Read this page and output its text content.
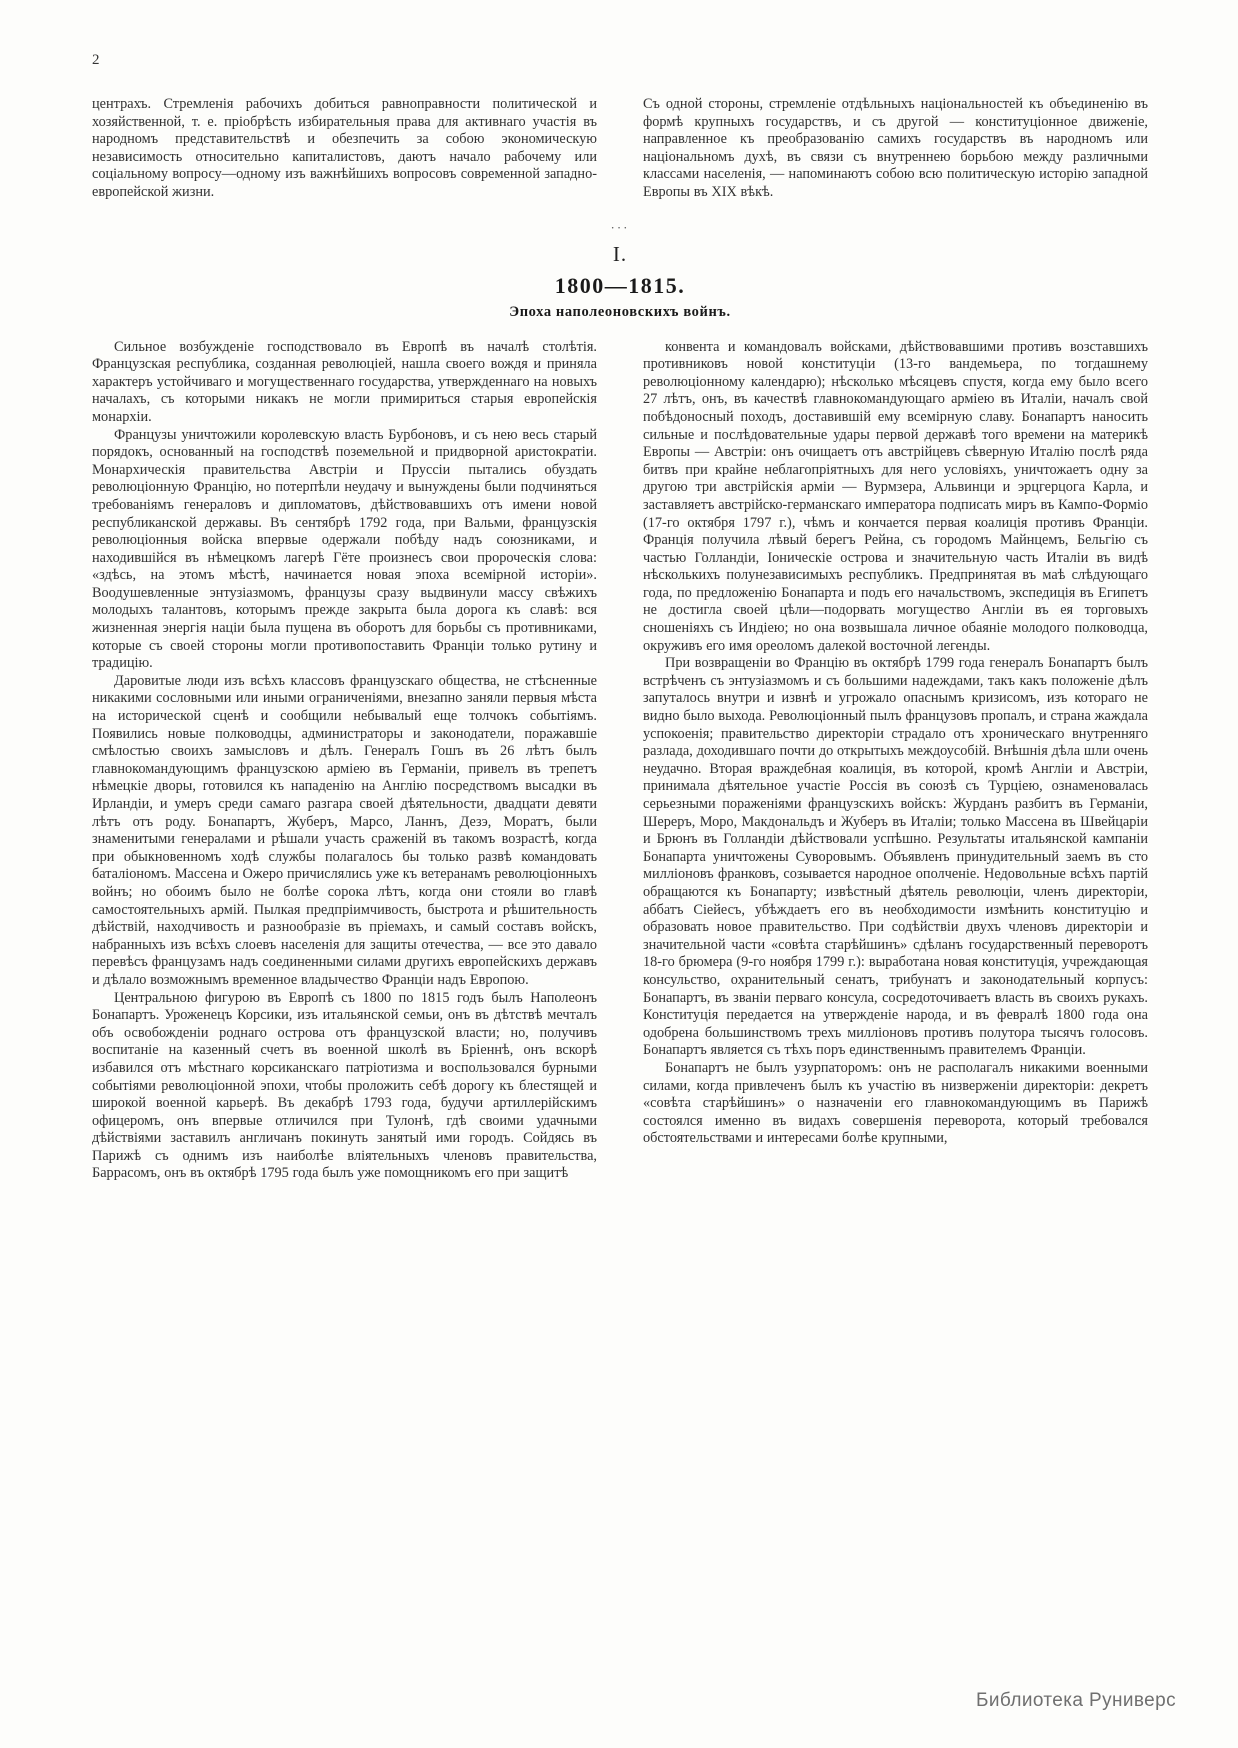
2

центрахъ. Стремленія рабочихъ добиться равноправности политической и хозяйственной, т. е. пріобрѣсть избирательныя права для активнаго участія въ народномъ представительствѣ и обезпечить за собою экономическую независимость относительно капиталистовъ, даютъ начало рабочему или соціальному вопросу—одному изъ важнѣйшихъ вопросовъ современной западно-европейской жизни.

Съ одной стороны, стремленіе отдѣльныхъ національностей къ объединенію въ формѣ крупныхъ государствъ, и съ другой — конституціонное движеніе, направленное къ преобразованію самихъ государствъ въ народномъ или національномъ духѣ, въ связи съ внутреннею борьбою между различными классами населенія, — напоминаютъ собою всю политическую исторію западной Европы въ XIX вѣкѣ.

···
I.
1800—1815.
Эпоха наполеоновскихъ войнъ.

Сильное возбужденіе господствовало въ Европѣ въ началѣ столѣтія. Французская республика, созданная революціей, нашла своего вождя и приняла характеръ устойчиваго и могущественнаго государства, утвержденнаго на новыхъ началахъ, съ которыми никакъ не могли примириться старыя европейскія монархіи.

Французы уничтожили королевскую власть Бурбоновъ, и съ нею весь старый порядокъ, основанный на господствѣ поземельной и придворной аристократіи. Монархическія правительства Австріи и Пруссіи пытались обуздать революціонную Францію, но потерпѣли неудачу и вынуждены были подчиняться требованіямъ генераловъ и дипломатовъ, дѣйствовавшихъ отъ имени новой республиканской державы. Въ сентябрѣ 1792 года, при Вальми, французскія революціонныя войска впервые одержали побѣду надъ союзниками, и находившійся въ нѣмецкомъ лагерѣ Гёте произнесъ свои пророческія слова: «здѣсь, на этомъ мѣстѣ, начинается новая эпоха всемірной исторіи». Воодушевленные энтузіазмомъ, французы сразу выдвинули массу свѣжихъ молодыхъ талантовъ, которымъ прежде закрыта была дорога къ славѣ: вся жизненная энергія націи была пущена въ оборотъ для борьбы съ противниками, которые съ своей стороны могли противопоставить Франціи только рутину и традицію.

Даровитые люди изъ всѣхъ классовъ французскаго общества, не стѣсненные никакими сословными или иными ограниченіями, внезапно заняли первыя мѣста на исторической сценѣ и сообщили небывалый еще толчокъ событіямъ. Появились новые полководцы, администраторы и законодатели, поражавшіе смѣлостью своихъ замысловъ и дѣлъ. Генералъ Гошъ въ 26 лѣтъ былъ главнокомандующимъ французскою арміею въ Германіи, привелъ въ трепетъ нѣмецкіе дворы, готовился къ нападенію на Англію посредствомъ высадки въ Ирландіи, и умеръ среди самаго разгара своей дѣятельности, двадцати девяти лѣтъ отъ роду. Бонапартъ, Жуберъ, Марсо, Ланнъ, Дезэ, Моратъ, были знаменитыми генералами и рѣшали участь сраженій въ такомъ возрастѣ, когда при обыкновенномъ ходѣ службы полагалось бы только развѣ командовать баталіономъ. Массена и Ожеро причислялись уже къ ветеранамъ революціонныхъ войнъ; но обоимъ было не болѣе сорока лѣтъ, когда они стояли во главѣ самостоятельныхъ армій. Пылкая предпріимчивость, быстрота и рѣшительность дѣйствій, находчивость и разнообразіе въ пріемахъ, и самый составъ войскъ, набранныхъ изъ всѣхъ слоевъ населенія для защиты отечества, — все это давало перевѣсъ французамъ надъ соединенными силами другихъ европейскихъ державъ и дѣлало возможнымъ временное владычество Франціи надъ Европою.

Центральною фигурою въ Европѣ съ 1800 по 1815 годъ былъ Наполеонъ Бонапартъ. Уроженецъ Корсики, изъ итальянской семьи, онъ въ дѣтствѣ мечталъ объ освобожденіи роднаго острова отъ французской власти; но, получивъ воспитаніе на казенный счетъ въ военной школѣ въ Бріеннѣ, онъ вскорѣ избавился отъ мѣстнаго корсиканскаго патріотизма и воспользовался бурными событіями революціонной эпохи, чтобы проложить себѣ дорогу къ блестящей и широкой военной карьерѣ. Въ декабрѣ 1793 года, будучи артиллерійскимъ офицеромъ, онъ впервые отличился при Тулонѣ, гдѣ своими удачными дѣйствіями заставилъ англичанъ покинуть занятый ими городъ. Сойдясь въ Парижѣ съ однимъ изъ наиболѣе вліятельныхъ членовъ правительства, Баррасомъ, онъ въ октябрѣ 1795 года былъ уже помощникомъ его при защитѣ

конвента и командовалъ войсками, дѣйствовавшими противъ возставшихъ противниковъ новой конституціи (13-го вандемьера, по тогдашнему революціонному календарю); нѣсколько мѣсяцевъ спустя, когда ему было всего 27 лѣтъ, онъ, въ качествѣ главнокомандующаго арміею въ Италіи, началъ свой побѣдоносный походъ, доставившій ему всемірную славу. Бонапартъ наносить сильные и послѣдовательные удары первой державѣ того времени на материкѣ Европы — Австріи: онъ очищаетъ отъ австрійцевъ сѣверную Италію послѣ ряда битвъ при крайне неблагопріятныхъ для него условіяхъ, уничтожаетъ одну за другою три австрійскія арміи — Вурмзера, Альвинци и эрцгерцога Карла, и заставляетъ австрійско-германскаго императора подписать миръ въ Кампо-Форміо (17-го октября 1797 г.), чѣмъ и кончается первая коалиція противъ Франціи. Франція получила лѣвый берегъ Рейна, съ городомъ Майнцемъ, Бельгію съ частью Голландіи, Іоническіе острова и значительную часть Италіи въ видѣ нѣсколькихъ полунезависимыхъ республикъ. Предпринятая въ маѣ слѣдующаго года, по предложенію Бонапарта и подъ его начальствомъ, экспедиція въ Египетъ не достигла своей цѣли—подорвать могущество Англіи въ ея торговыхъ сношеніяхъ съ Индіею; но она возвышала личное обаяніе молодого полководца, окруживъ его имя ореоломъ далекой восточной легенды.

При возвращеніи во Францію въ октябрѣ 1799 года генералъ Бонапартъ былъ встрѣченъ съ энтузіазмомъ и съ большими надеждами, такъ какъ положеніе дѣлъ запуталось внутри и извнѣ и угрожало опаснымъ кризисомъ, изъ котораго не видно было выхода. Революціонный пылъ французовъ пропалъ, и страна жаждала успокоенія; правительство директоріи страдало отъ хроническаго внутренняго разлада, доходившаго почти до открытыхъ междоусобій. Внѣшнія дѣла шли очень неудачно. Вторая враждебная коалиція, въ которой, кромѣ Англіи и Австріи, принимала дѣятельное участіе Россія въ союзѣ съ Турціею, ознаменовалась серьезными пораженіями французскихъ войскъ: Журданъ разбитъ въ Германіи, Шереръ, Моро, Макдональдъ и Жуберъ въ Италіи; только Массена въ Швейцаріи и Брюнъ въ Голландіи дѣйствовали успѣшно. Результаты итальянской кампаніи Бонапарта уничтожены Суворовымъ. Объявленъ принудительный заемъ въ сто милліоновъ франковъ, созывается народное ополченіе. Недовольные всѣхъ партій обращаются къ Бонапарту; извѣстный дѣятель революціи, членъ директоріи, аббатъ Сіейесъ, убѣждаетъ его въ необходимости измѣнить конституцію и образовать новое правительство. При содѣйствіи двухъ членовъ директоріи и значительной части «совѣта старѣйшинъ» сдѣланъ государственный переворотъ 18-го брюмера (9-го ноября 1799 г.): выработана новая конституція, учреждающая консульство, охранительный сенатъ, трибунатъ и законодательный корпусъ: Бонапартъ, въ званіи перваго консула, сосредоточиваетъ власть въ своихъ рукахъ. Конституція передается на утвержденіе народа, и въ февралѣ 1800 года она одобрена большинствомъ трехъ милліоновъ противъ полутора тысячъ голосовъ. Бонапартъ является съ тѣхъ поръ единственнымъ правителемъ Франціи.

Бонапартъ не былъ узурпаторомъ: онъ не располагалъ никакими военными силами, когда привлеченъ былъ къ участію въ низверженіи директоріи: декретъ «совѣта старѣйшинъ» о назначеніи его главнокомандующимъ въ Парижѣ состоялся именно въ видахъ совершенія переворота, который требовался обстоятельствами и интересами болѣе крупными,

Библиотека Руниверс
